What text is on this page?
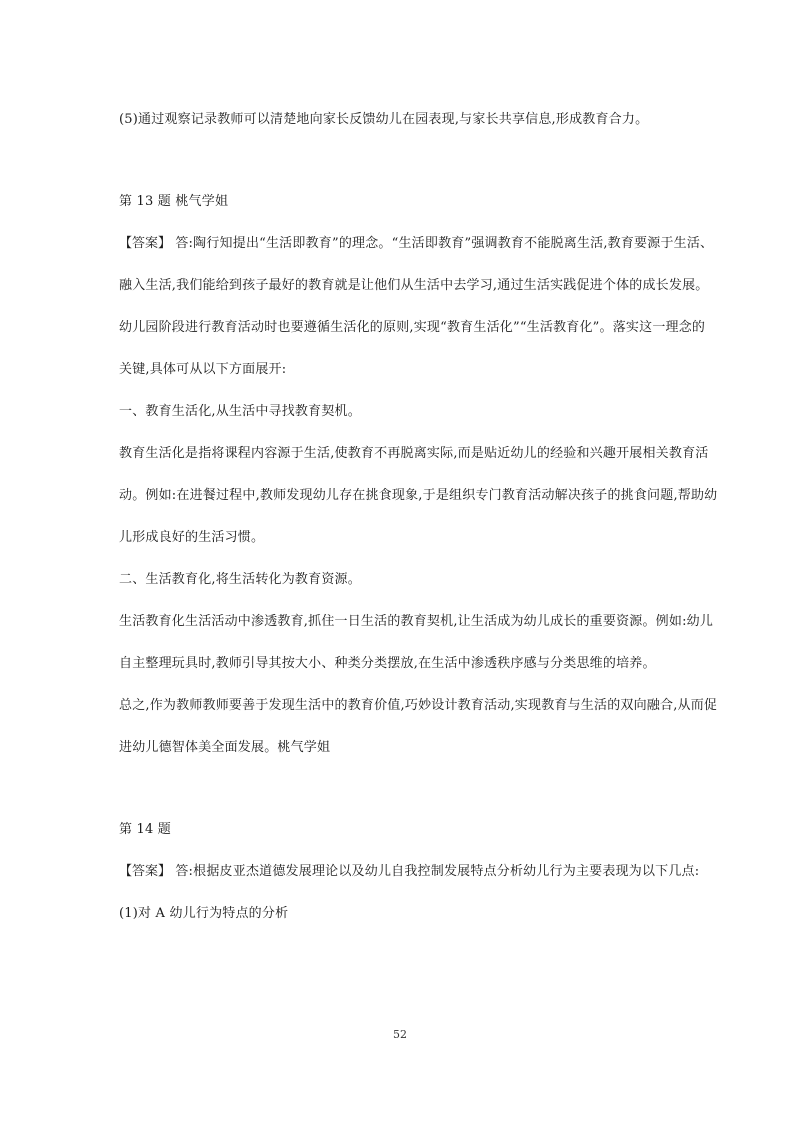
(5)通过观察记录教师可以清楚地向家长反馈幼儿在园表现,与家长共享信息,形成教育合力。
第 13 题 桃气学姐
【答案】 答:陶行知提出“生活即教育”的理念。“生活即教育”强调教育不能脱离生活,教育要源于生活、
融入生活,我们能给到孩子最好的教育就是让他们从生活中去学习,通过生活实践促进个体的成长发展。
幼儿园阶段进行教育活动时也要遵循生活化的原则,实现“教育生活化”“生活教育化”。落实这一理念的
关键,具体可从以下方面展开:
一、教育生活化,从生活中寻找教育契机。
教育生活化是指将课程内容源于生活,使教育不再脱离实际,而是贴近幼儿的经验和兴趣开展相关教育活
动。例如:在进餐过程中,教师发现幼儿存在挑食现象,于是组织专门教育活动解决孩子的挑食问题,帮助幼
儿形成良好的生活习惯。
二、生活教育化,将生活转化为教育资源。
生活教育化生活活动中渗透教育,抓住一日生活的教育契机,让生活成为幼儿成长的重要资源。例如:幼儿
自主整理玩具时,教师引导其按大小、种类分类摆放,在生活中渗透秩序感与分类思维的培养。
总之,作为教师教师要善于发现生活中的教育价值,巧妙设计教育活动,实现教育与生活的双向融合,从而促
进幼儿德智体美全面发展。桃气学姐
第 14 题
【答案】 答:根据皮亚杰道德发展理论以及幼儿自我控制发展特点分析幼儿行为主要表现为以下几点:
(1)对 A 幼儿行为特点的分析
52
